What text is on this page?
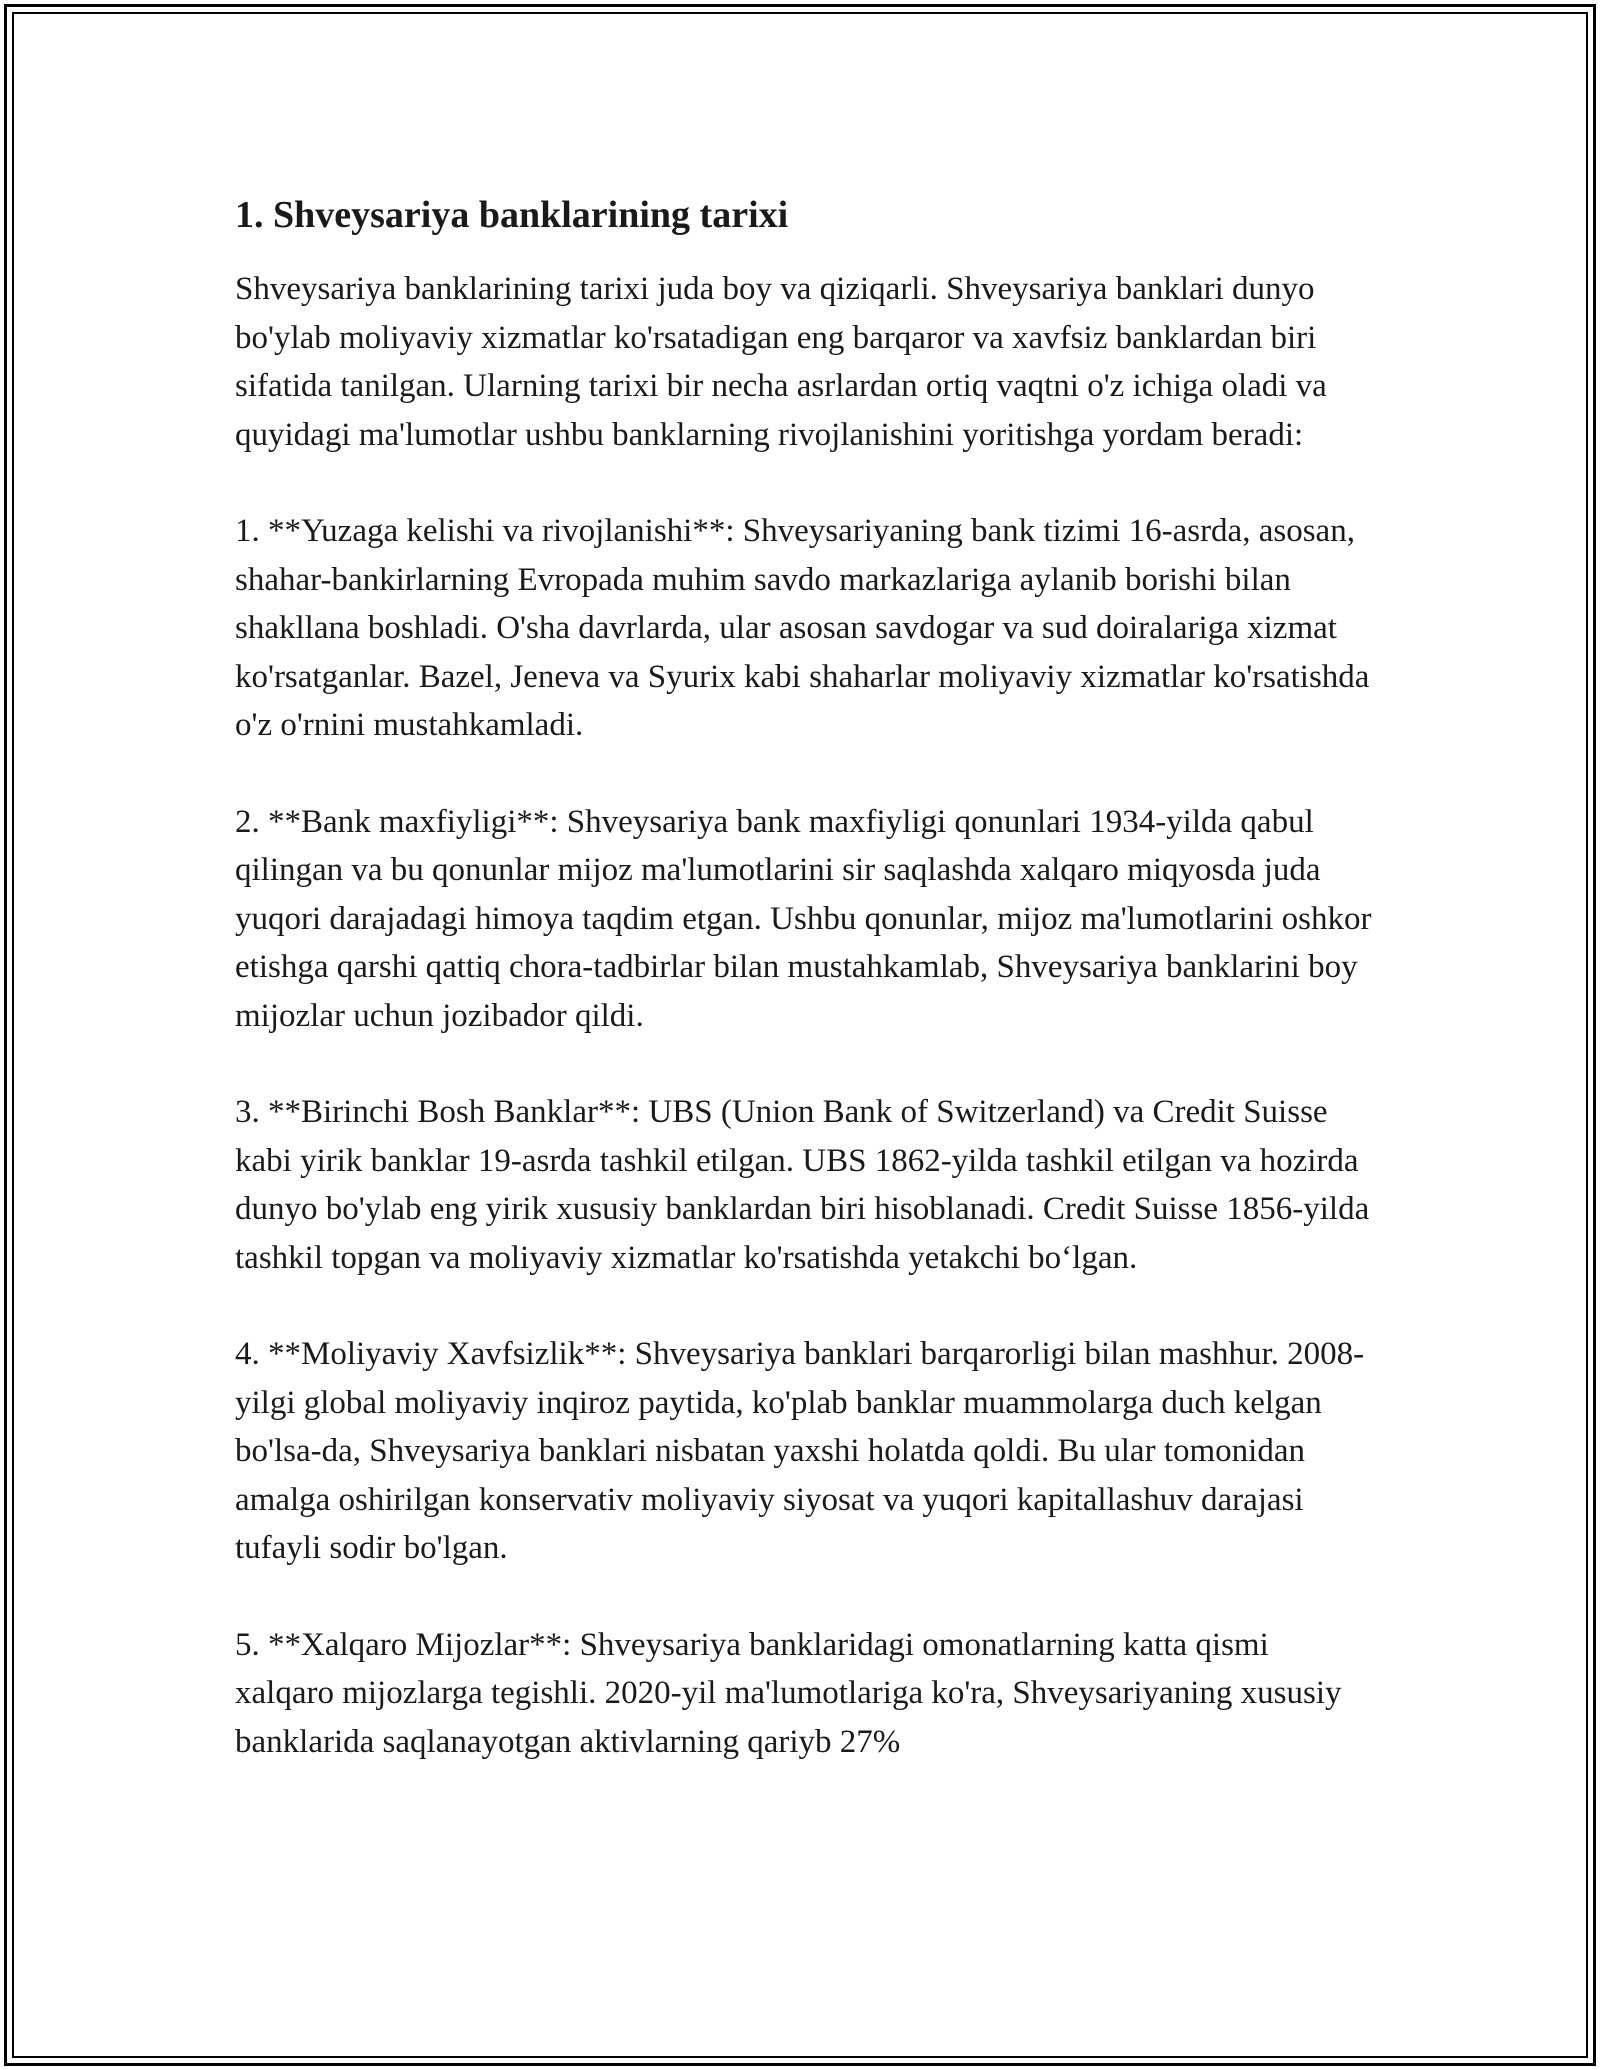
1. Shveysariya banklarining tarixi

Shveysariya banklarining tarixi juda boy va qiziqarli. Shveysariya banklari dunyo bo'ylab moliyaviy xizmatlar ko'rsatadigan eng barqaror va xavfsiz banklardan biri sifatida tanilgan. Ularning tarixi bir necha asrlardan ortiq vaqtni o'z ichiga oladi va quyidagi ma'lumotlar ushbu banklarning rivojlanishini yoritishga yordam beradi:

1. **Yuzaga kelishi va rivojlanishi**: Shveysariyaning bank tizimi 16-asrda, asosan, shahar-bankirlarning Evropada muhim savdo markazlariga aylanib borishi bilan shakllana boshladi. O'sha davrlarda, ular asosan savdogar va sud doiralariga xizmat ko'rsatganlar. Bazel, Jeneva va Syurix kabi shaharlar moliyaviy xizmatlar ko'rsatishda o'z o'rnini mustahkamladi.

2. **Bank maxfiyligi**: Shveysariya bank maxfiyligi qonunlari 1934-yilda qabul qilingan va bu qonunlar mijoz ma'lumotlarini sir saqlashda xalqaro miqyosda juda yuqori darajadagi himoya taqdim etgan. Ushbu qonunlar, mijoz ma'lumotlarini oshkor etishga qarshi qattiq chora-tadbirlar bilan mustahkamlab, Shveysariya banklarini boy mijozlar uchun jozibador qildi.

3. **Birinchi Bosh Banklar**: UBS (Union Bank of Switzerland) va Credit Suisse kabi yirik banklar 19-asrda tashkil etilgan. UBS 1862-yilda tashkil etilgan va hozirda dunyo bo'ylab eng yirik xususiy banklardan biri hisoblanadi. Credit Suisse 1856-yilda tashkil topgan va moliyaviy xizmatlar ko'rsatishda yetakchi bo‘lgan.

4. **Moliyaviy Xavfsizlik**: Shveysariya banklari barqarorligi bilan mashhur. 2008-yilgi global moliyaviy inqiroz paytida, ko'plab banklar muammolarga duch kelgan bo'lsa-da, Shveysariya banklari nisbatan yaxshi holatda qoldi. Bu ular tomonidan amalga oshirilgan konservativ moliyaviy siyosat va yuqori kapitallashuv darajasi tufayli sodir bo'lgan.

5. **Xalqaro Mijozlar**: Shveysariya banklaridagi omonatlarning katta qismi xalqaro mijozlarga tegishli. 2020-yil ma'lumotlariga ko'ra, Shveysariyaning xususiy banklarida saqlanayotgan aktivlarning qariyb 27%
